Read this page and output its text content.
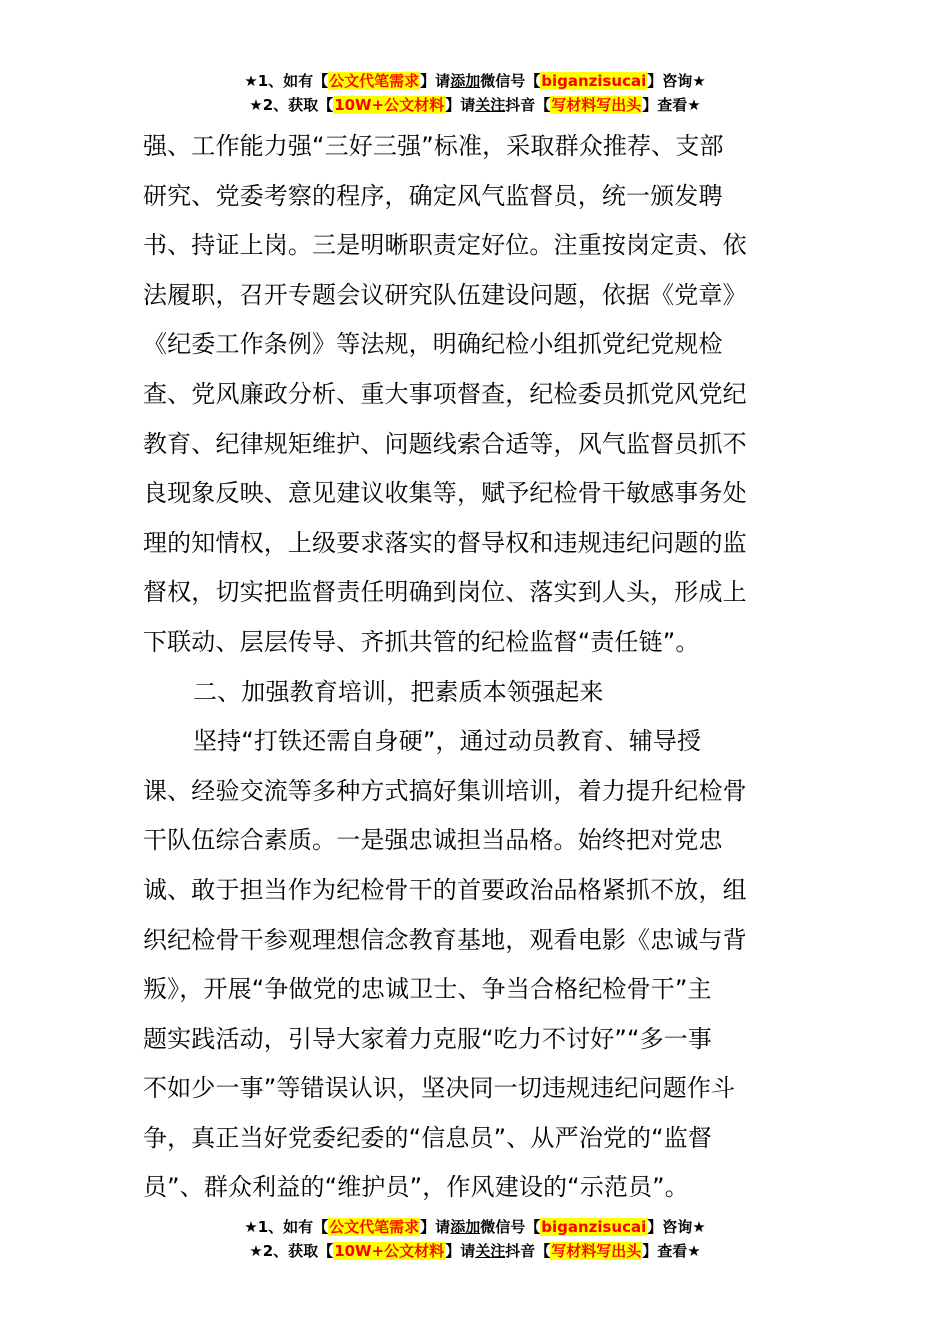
★1、如有【公文代笔需求】请添加微信号【biganzisucai】咨询★
★2、获取【10W+公文材料】请关注抖音【写材料写出头】查看★

强、工作能力强“三好三强”标准，采取群众推荐、支部
研究、党委考察的程序，确定风气监督员，统一颁发聘
书、持证上岗。三是明晰职责定好位。注重按岗定责、依
法履职，召开专题会议研究队伍建设问题，依据《党章》
《纪委工作条例》等法规，明确纪检小组抓党纪党规检
查、党风廉政分析、重大事项督查，纪检委员抓党风党纪
教育、纪律规矩维护、问题线索合适等，风气监督员抓不
良现象反映、意见建议收集等，赋予纪检骨干敏感事务处
理的知情权，上级要求落实的督导权和违规违纪问题的监
督权，切实把监督责任明确到岗位、落实到人头，形成上
下联动、层层传导、齐抓共管的纪检监督“责任链”。

二、加强教育培训，把素质本领强起来

坚持“打铁还需自身硬”，通过动员教育、辅导授
课、经验交流等多种方式搞好集训培训，着力提升纪检骨
干队伍综合素质。一是强忠诚担当品格。始终把对党忠
诚、敢于担当作为纪检骨干的首要政治品格紧抓不放，组
织纪检骨干参观理想信念教育基地，观看电影《忠诚与背
叛》，开展“争做党的忠诚卫士、争当合格纪检骨干”主
题实践活动，引导大家着力克服“吃力不讨好”“多一事
不如少一事”等错误认识，坚决同一切违规违纪问题作斗
争，真正当好党委纪委的“信息员”、从严治党的“监督
员”、群众利益的“维护员”，作风建设的“示范员”。

★1、如有【公文代笔需求】请添加微信号【biganzisucai】咨询★
★2、获取【10W+公文材料】请关注抖音【写材料写出头】查看★
